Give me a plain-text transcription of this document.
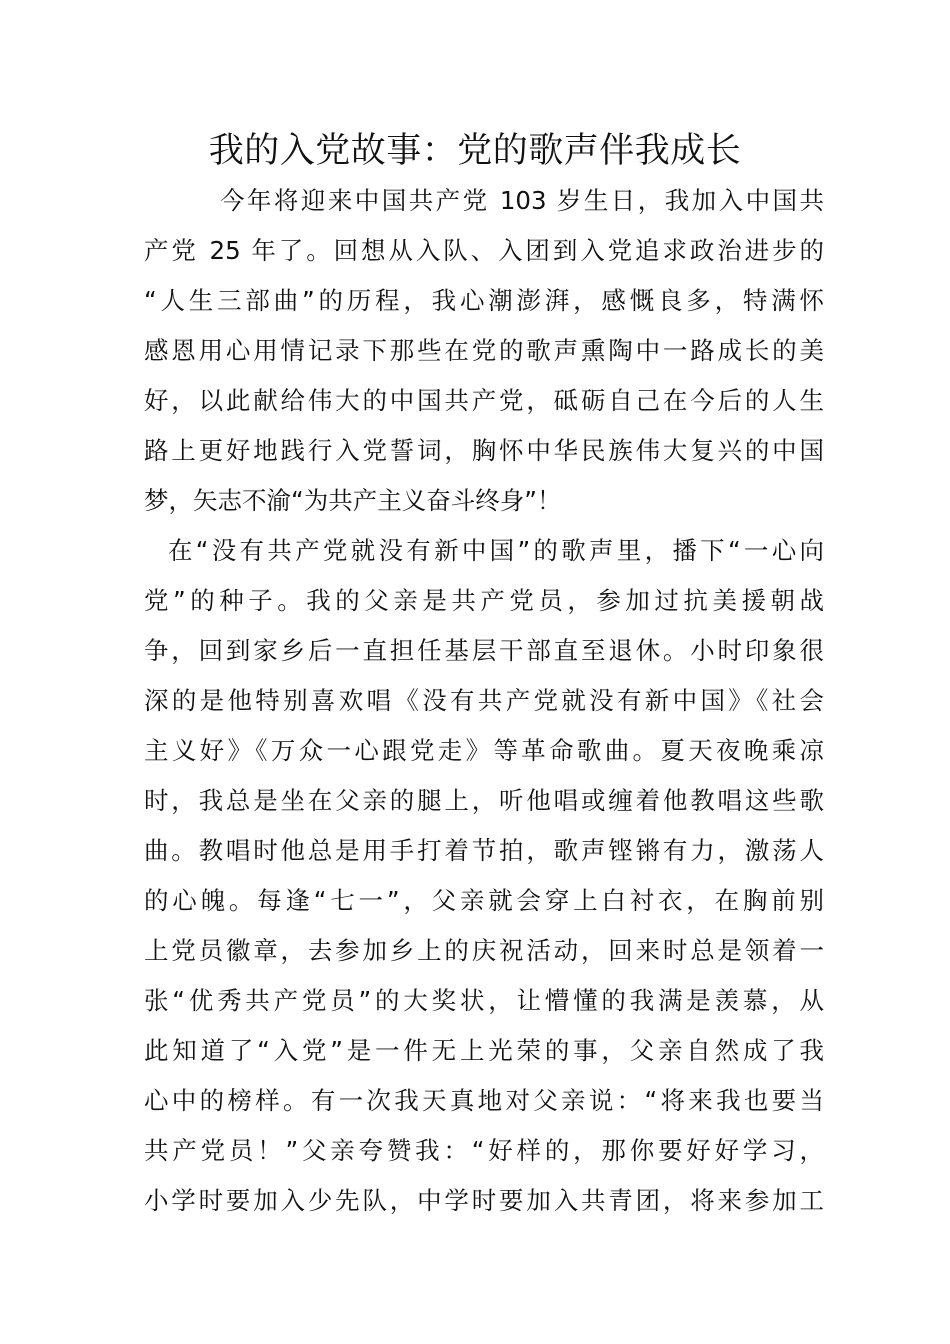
我的入党故事：党的歌声伴我成长
今年将迎来中国共产党 103 岁生日，我加入中国共
产党 25 年了。回想从入队、入团到入党追求政治进步的
“人生三部曲”的历程，我心潮澎湃，感慨良多，特满怀
感恩用心用情记录下那些在党的歌声熏陶中一路成长的美
好，以此献给伟大的中国共产党，砥砺自己在今后的人生
路上更好地践行入党誓词，胸怀中华民族伟大复兴的中国
梦，矢志不渝“为共产主义奋斗终身”！
在“没有共产党就没有新中国”的歌声里，播下“一心向
党”的种子。我的父亲是共产党员，参加过抗美援朝战
争，回到家乡后一直担任基层干部直至退休。小时印象很
深的是他特别喜欢唱《没有共产党就没有新中国》《社会
主义好》《万众一心跟党走》等革命歌曲。夏天夜晚乘凉
时，我总是坐在父亲的腿上，听他唱或缠着他教唱这些歌
曲。教唱时他总是用手打着节拍，歌声铿锵有力，激荡人
的心魄。每逢“七一”，父亲就会穿上白衬衣，在胸前别
上党员徽章，去参加乡上的庆祝活动，回来时总是领着一
张“优秀共产党员”的大奖状，让懵懂的我满是羡慕，从
此知道了“入党”是一件无上光荣的事，父亲自然成了我
心中的榜样。有一次我天真地对父亲说：“将来我也要当
共产党员！”父亲夸赞我：“好样的，那你要好好学习，
小学时要加入少先队，中学时要加入共青团，将来参加工
